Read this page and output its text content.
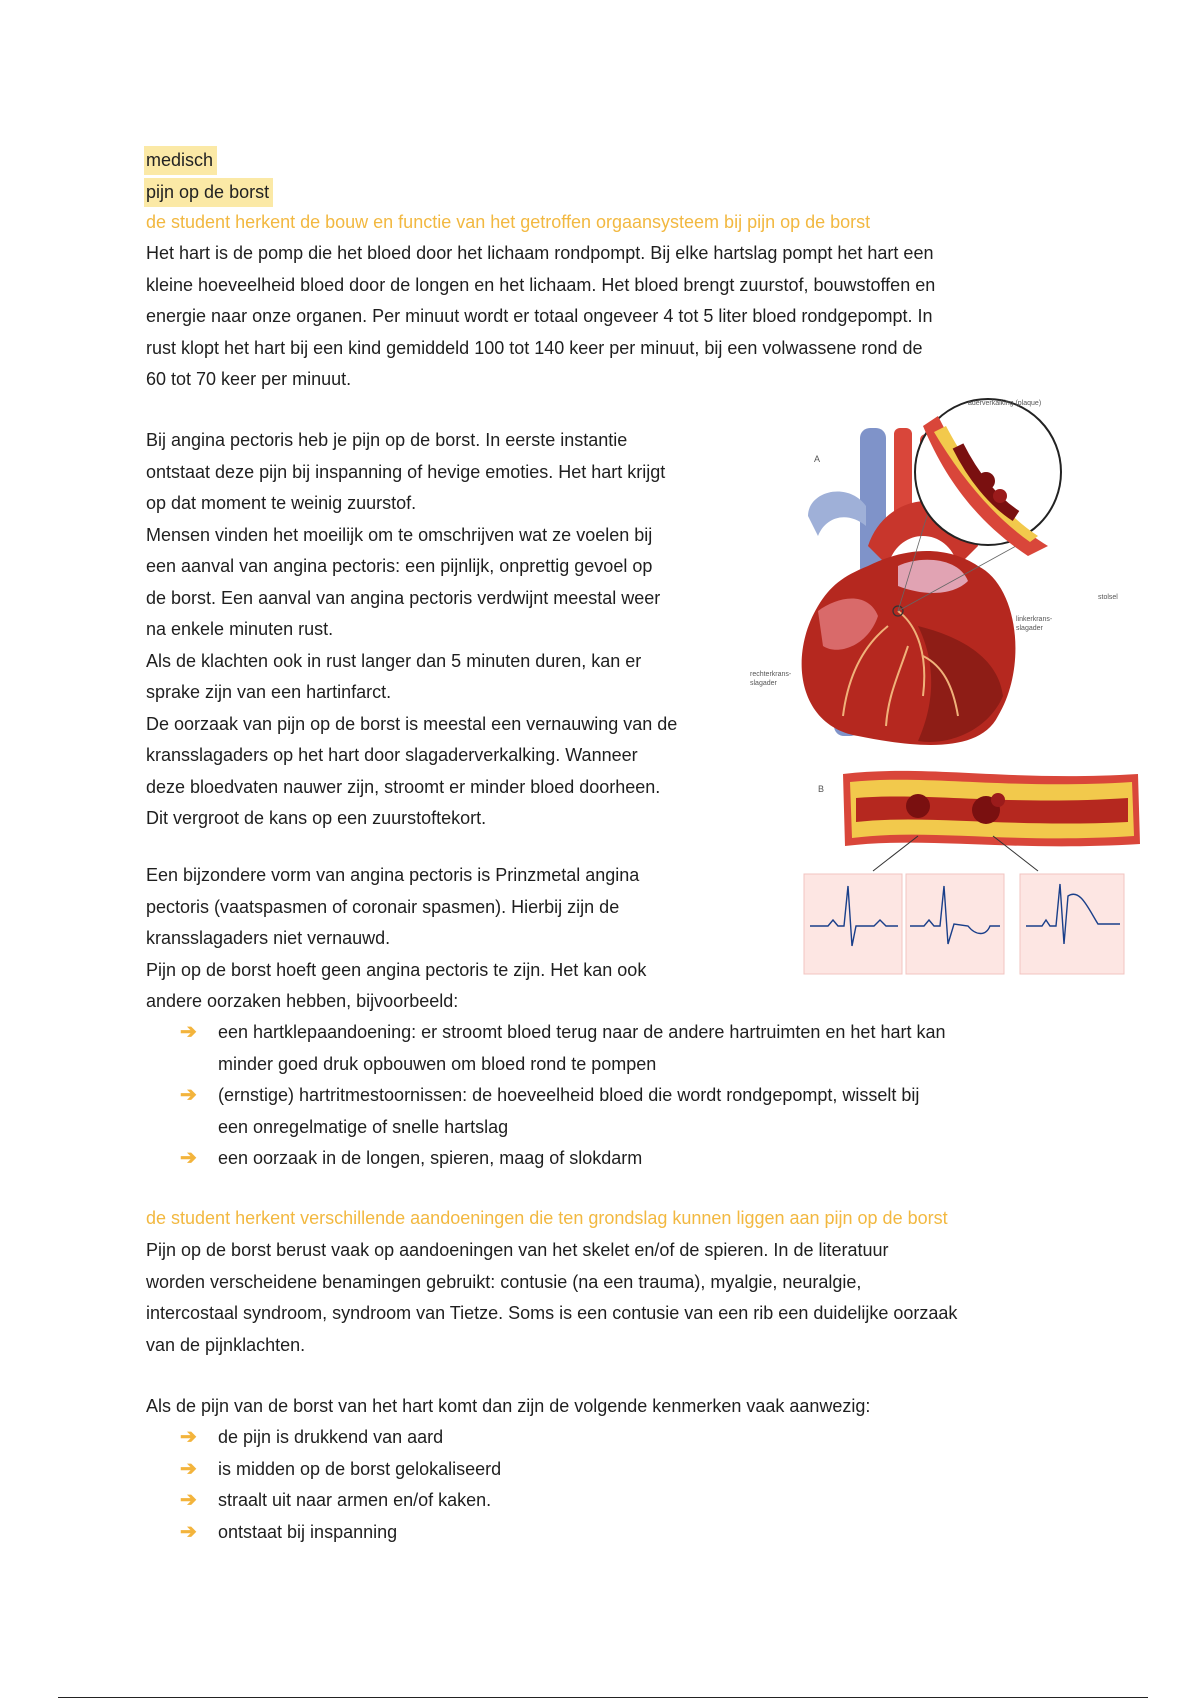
medisch
pijn op de borst
de student herkent de bouw en functie van het getroffen orgaansysteem bij pijn op de borst

Het hart is de pomp die het bloed door het lichaam rondpompt. Bij elke hartslag pompt het hart een
kleine hoeveelheid bloed door de longen en het lichaam. Het bloed brengt zuurstof, bouwstoffen en
energie naar onze organen. Per minuut wordt er totaal ongeveer 4 tot 5 liter bloed rondgepompt. In
rust klopt het hart bij een kind gemiddeld 100 tot 140 keer per minuut, bij een volwassene rond de
60 tot 70 keer per minuut.

Bij angina pectoris heb je pijn op de borst. In eerste instantie
ontstaat deze pijn bij inspanning of hevige emoties. Het hart krijgt
op dat moment te weinig zuurstof.
Mensen vinden het moeilijk om te omschrijven wat ze voelen bij
een aanval van angina pectoris: een pijnlijk, onprettig gevoel op
de borst. Een aanval van angina pectoris verdwijnt meestal weer
na enkele minuten rust.
Als de klachten ook in rust langer dan 5 minuten duren, kan er
sprake zijn van een hartinfarct.
De oorzaak van pijn op de borst is meestal een vernauwing van de
kransslagaders op het hart door slagaderverkalking. Wanneer
deze bloedvaten nauwer zijn, stroomt er minder bloed doorheen.
Dit vergroot de kans op een zuurstoftekort.

Een bijzondere vorm van angina pectoris is Prinzmetal angina
pectoris (vaatspasmen of coronair spasmen). Hierbij zijn de
kransslagaders niet vernauwd.
Pijn op de borst hoeft geen angina pectoris te zijn. Het kan ook
andere oorzaken hebben, bijvoorbeeld:

➔ een hartklepaandoening: er stroomt bloed terug naar de andere hartruimten en het hart kan
minder goed druk opbouwen om bloed rond te pompen
➔ (ernstige) hartritmestoornissen: de hoeveelheid bloed die wordt rondgepompt, wisselt bij
een onregelmatige of snelle hartslag
➔ een oorzaak in de longen, spieren, maag of slokdarm
de student herkent verschillende aandoeningen die ten grondslag kunnen liggen aan pijn op de borst

Pijn op de borst berust vaak op aandoeningen van het skelet en/of de spieren. In de literatuur
worden verscheidene benamingen gebruikt: contusie (na een trauma), myalgie, neuralgie,
intercostaal syndroom, syndroom van Tietze. Soms is een contusie van een rib een duidelijke oorzaak
van de pijnklachten.

Als de pijn van de borst van het hart komt dan zijn de volgende kenmerken vaak aanwezig:

➔ de pijn is drukkend van aard
➔ is midden op de borst gelokaliseerd
➔ straalt uit naar armen en/of kaken.
➔ ontstaat bij inspanning
A
aderverkalking (plaque)
stolsel
linkerkrans-
slagader
rechterkrans-
slagader
B
